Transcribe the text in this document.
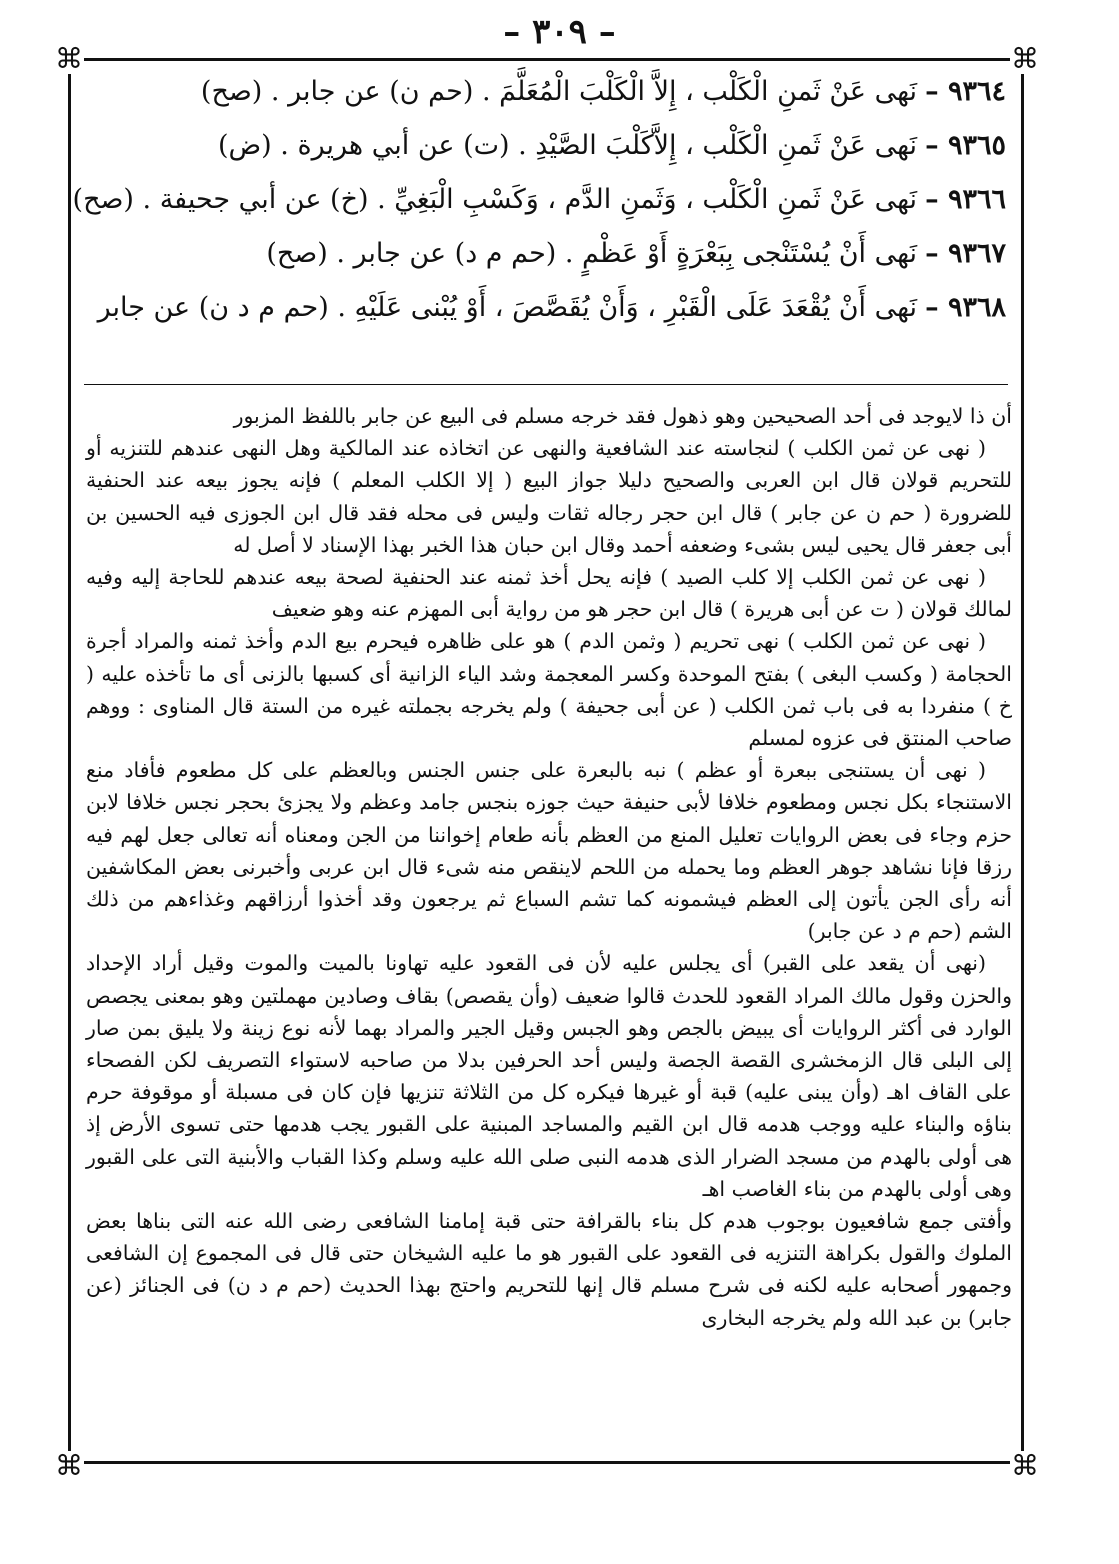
– ٣٠٩ –
⌘	⌘
⌘	⌘
٩٣٦٤ –نَهى عَنْ ثَمنِ الْكَلْب ، إِلاَّ الْكَلْبَ الْمُعَلَّمَ . (حم ن) عن جابر . (صح)
٩٣٦٥ –نَهى عَنْ ثَمنِ الْكَلْب ، إِلاَّكَلْبَ الصَّيْدِ . (ت) عن أبي هريرة . (ض)
٩٣٦٦ –نَهى عَنْ ثَمنِ الْكَلْب ، وَثَمنِ الدَّم ، وَكَسْبِ الْبَغِيِّ . (خ) عن أبي جحيفة . (صح)
٩٣٦٧ –نَهى أَنْ يُسْتَنْجى بِبَعْرَةٍ أَوْ عَظْمٍ . (حم م د) عن جابر . (صح)
٩٣٦٨ –نَهى أَنْ يُقْعَدَ عَلَى الْقَبْرِ ، وَأَنْ يُقَصَّصَ ، أَوْ يُبْنى عَلَيْهِ . (حم م د ن) عن جابر

أن ذا لايوجد فى أحد الصحيحين وهو ذهول فقد خرجه مسلم فى البيع عن جابر باللفظ المزبور

( نهى عن ثمن الكلب ) لنجاسته عند الشافعية والنهى عن اتخاذه عند المالكية وهل النهى عندهم للتنزيه أو للتحريم قولان قال ابن العربى والصحيح دليلا جواز البيع ( إلا الكلب المعلم ) فإنه يجوز بيعه عند الحنفية للضرورة ( حم ن عن جابر ) قال ابن حجر رجاله ثقات وليس فى محله فقد قال ابن الجوزى فيه الحسين بن أبى جعفر قال يحيى ليس بشىء وضعفه أحمد وقال ابن حبان هذا الخبر بهذا الإسناد لا أصل له

( نهى عن ثمن الكلب إلا كلب الصيد ) فإنه يحل أخذ ثمنه عند الحنفية لصحة بيعه عندهم للحاجة إليه وفيه لمالك قولان ( ت عن أبى هريرة ) قال ابن حجر هو من رواية أبى المهزم عنه وهو ضعيف

( نهى عن ثمن الكلب ) نهى تحريم ( وثمن الدم ) هو على ظاهره فيحرم بيع الدم وأخذ ثمنه والمراد أجرة الحجامة ( وكسب البغى ) بفتح الموحدة وكسر المعجمة وشد الياء الزانية أى كسبها بالزنى أى ما تأخذه عليه ( خ ) منفردا به فى باب ثمن الكلب ( عن أبى جحيفة ) ولم يخرجه بجملته غيره من الستة قال المناوى : ووهم صاحب المنتق فى عزوه لمسلم

( نهى أن يستنجى ببعرة أو عظم ) نبه بالبعرة على جنس الجنس وبالعظم على كل مطعوم فأفاد منع الاستنجاء بكل نجس ومطعوم خلافا لأبى حنيفة حيث جوزه بنجس جامد وعظم ولا يجزئ بحجر نجس خلافا لابن حزم وجاء فى بعض الروايات تعليل المنع من العظم بأنه طعام إخواننا من الجن ومعناه أنه تعالى جعل لهم فيه رزقا فإنا نشاهد جوهر العظم وما يحمله من اللحم لاينقص منه شىء قال ابن عربى وأخبرنى بعض المكاشفين أنه رأى الجن يأتون إلى العظم فيشمونه كما تشم السباع ثم يرجعون وقد أخذوا أرزاقهم وغذاءهم من ذلك الشم (حم م د عن جابر)

(نهى أن يقعد على القبر) أى يجلس عليه لأن فى القعود عليه تهاونا بالميت والموت وقيل أراد الإحداد والحزن وقول مالك المراد القعود للحدث قالوا ضعيف (وأن يقصص) بقاف وصادين مهملتين وهو بمعنى يجصص الوارد فى أكثر الروايات أى يبيض بالجص وهو الجبس وقيل الجير والمراد بهما لأنه نوع زينة ولا يليق بمن صار إلى البلى قال الزمخشرى القصة الجصة وليس أحد الحرفين بدلا من صاحبه لاستواء التصريف لكن الفصحاء على القاف اهـ (وأن يبنى عليه) قبة أو غيرها فيكره كل من الثلاثة تنزيها فإن كان فى مسبلة أو موقوفة حرم بناؤه والبناء عليه ووجب هدمه قال ابن القيم والمساجد المبنية على القبور يجب هدمها حتى تسوى الأرض إذ هى أولى بالهدم من مسجد الضرار الذى هدمه النبى صلى الله عليه وسلم وكذا القباب والأبنية التى على القبور وهى أولى بالهدم من بناء الغاصب اهـ

وأفتى جمع شافعيون بوجوب هدم كل بناء بالقرافة حتى قبة إمامنا الشافعى رضى الله عنه التى بناها بعض الملوك والقول بكراهة التنزيه فى القعود على القبور هو ما عليه الشيخان حتى قال فى المجموع إن الشافعى وجمهور أصحابه عليه لكنه فى شرح مسلم قال إنها للتحريم واحتج بهذا الحديث (حم م د ن) فى الجنائز (عن جابر) بن عبد الله ولم يخرجه البخارى
